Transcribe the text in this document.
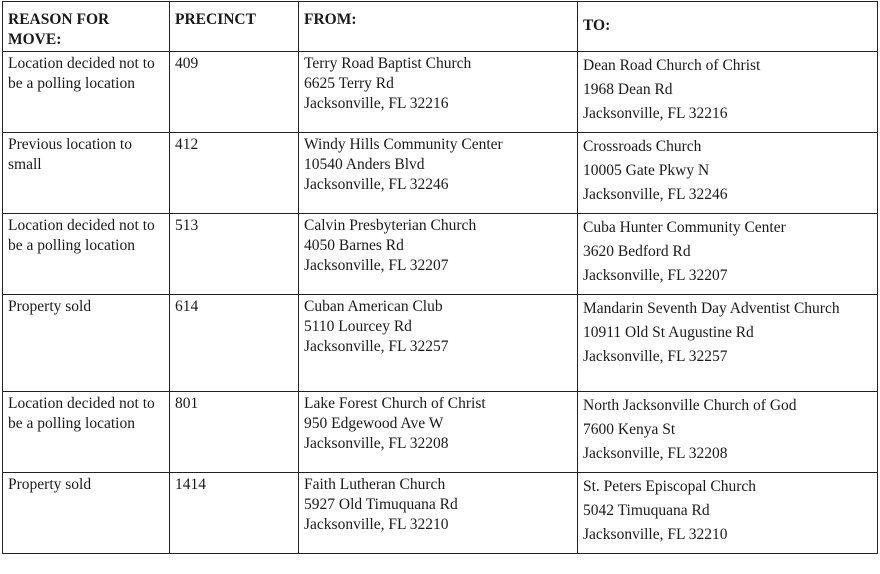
REASON FOR MOVE:	PRECINCT	FROM:	TO:
Location decided not to be a polling location	409	Terry Road Baptist Church
6625 Terry Rd
Jacksonville, FL 32216	Dean Road Church of Christ
1968 Dean Rd
Jacksonville, FL 32216

Previous location to small	412	Windy Hills Community Center
10540 Anders Blvd
Jacksonville, FL 32246	Crossroads Church
10005 Gate Pkwy N
Jacksonville, FL 32246

Location decided not to be a polling location	513	Calvin Presbyterian Church
4050 Barnes Rd
Jacksonville, FL 32207	Cuba Hunter Community Center
3620 Bedford Rd
Jacksonville, FL 32207

Property sold	614	Cuban American Club
5110 Lourcey Rd
Jacksonville, FL 32257	Mandarin Seventh Day Adventist Church
10911 Old St Augustine Rd
Jacksonville, FL 32257

Location decided not to be a polling location	801	Lake Forest Church of Christ
950 Edgewood Ave W
Jacksonville, FL 32208	North Jacksonville Church of God
7600 Kenya St
Jacksonville, FL 32208

Property sold	1414	Faith Lutheran Church
5927 Old Timuquana Rd
Jacksonville, FL 32210	St. Peters Episcopal Church
5042 Timuquana Rd
Jacksonville, FL 32210
